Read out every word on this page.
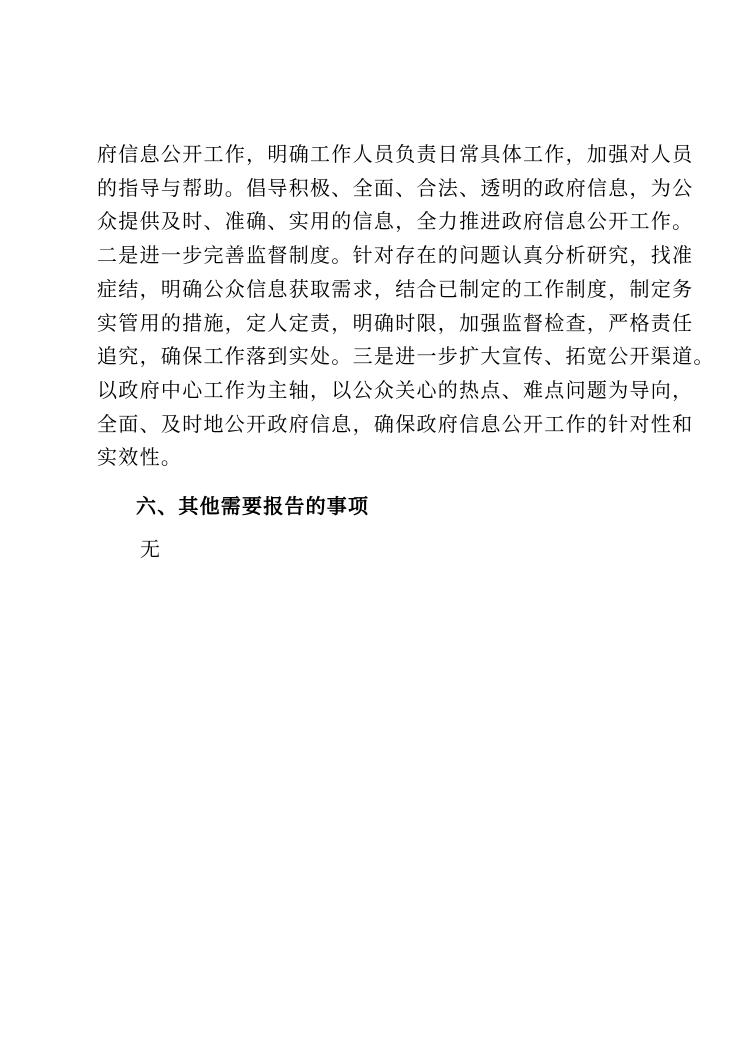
府信息公开工作，明确工作人员负责日常具体工作，加强对人员
的指导与帮助。倡导积极、全面、合法、透明的政府信息，为公
众提供及时、准确、实用的信息，全力推进政府信息公开工作。
二是进一步完善监督制度。针对存在的问题认真分析研究，找准
症结，明确公众信息获取需求，结合已制定的工作制度，制定务
实管用的措施，定人定责，明确时限，加强监督检查，严格责任
追究，确保工作落到实处。三是进一步扩大宣传、拓宽公开渠道。
以政府中心工作为主轴，以公众关心的热点、难点问题为导向，
全面、及时地公开政府信息，确保政府信息公开工作的针对性和
实效性。

六、其他需要报告的事项

无
